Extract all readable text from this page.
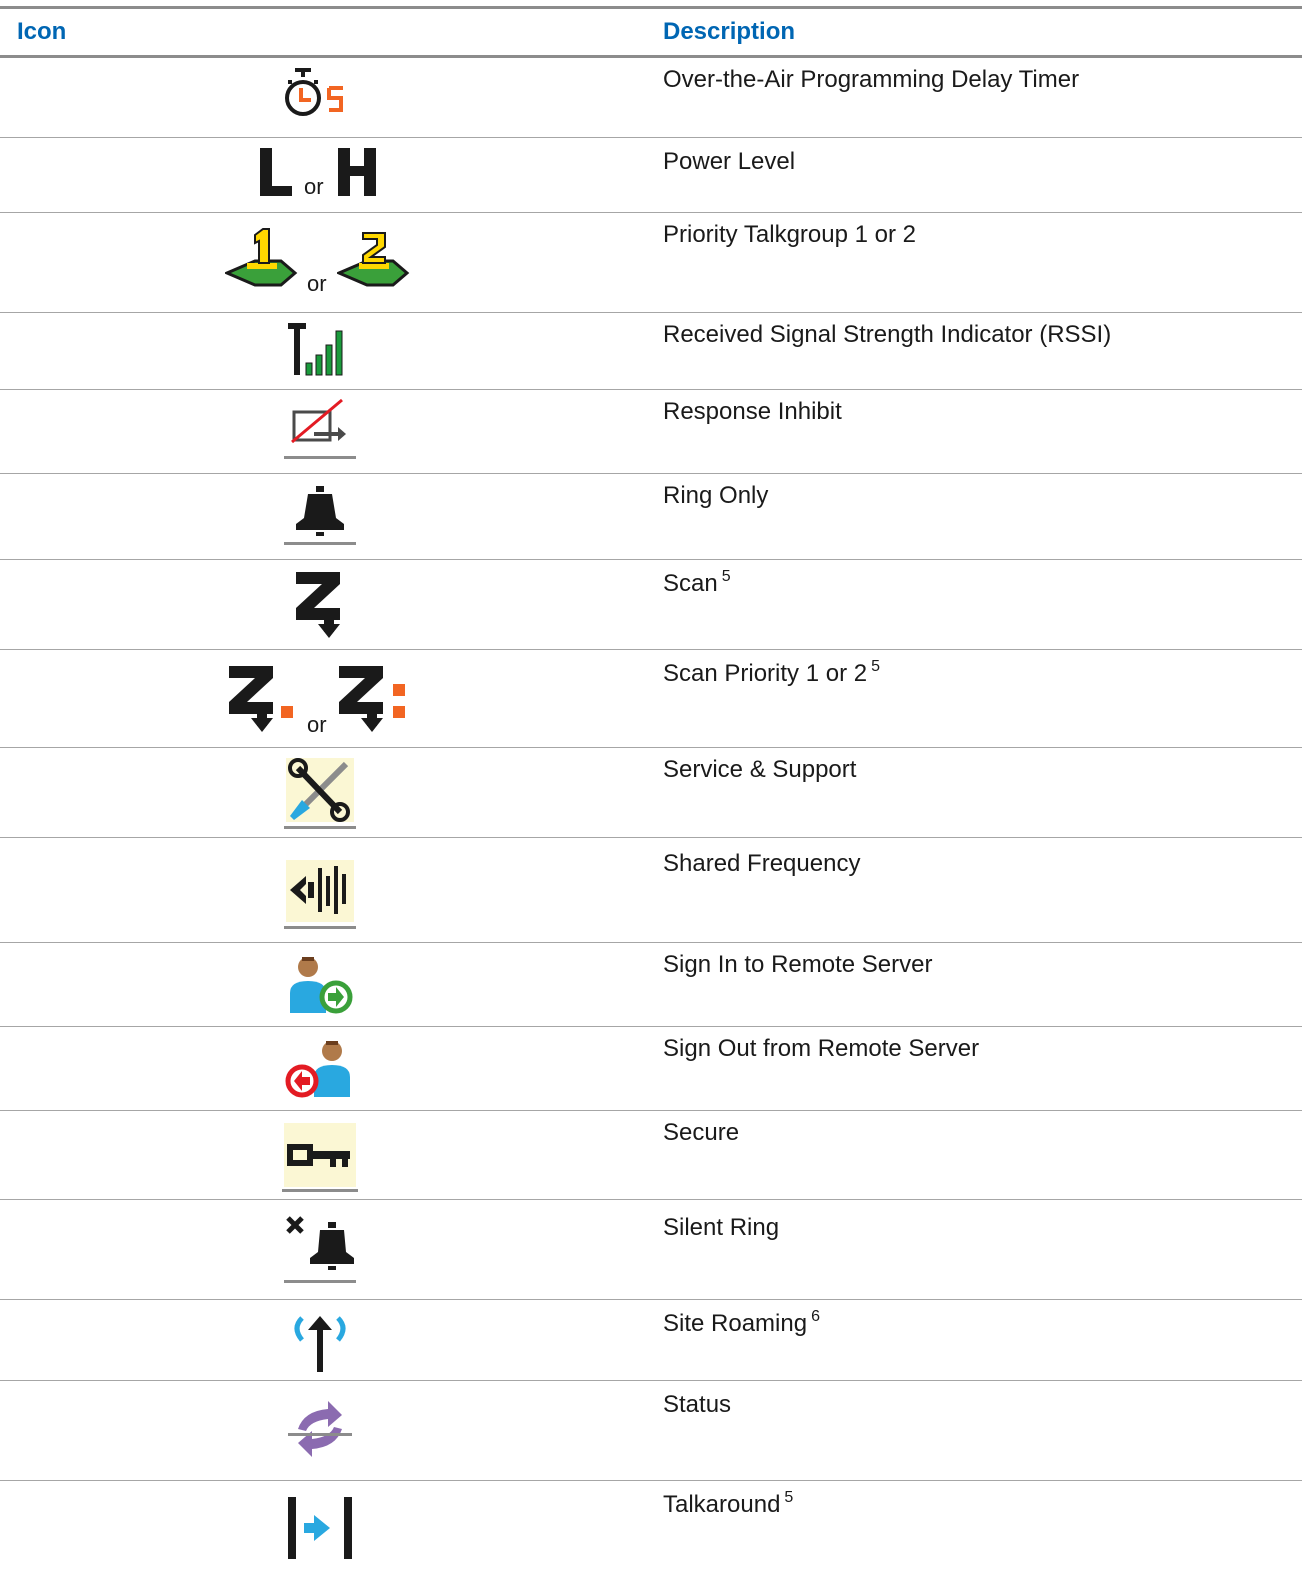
Icon	Description
Over-the-Air Programming Delay Timer
or
Power Level
or
Priority Talkgroup 1 or 2
Received Signal Strength Indicator (RSSI)
Response Inhibit
Ring Only
Scan $^5$
or
Scan Priority 1 or 2 $^5$
Service & Support
Shared Frequency
Sign In to Remote Server
Sign Out from Remote Server
Secure
Silent Ring
Site Roaming $^6$
Status
Talkaround $^5$
